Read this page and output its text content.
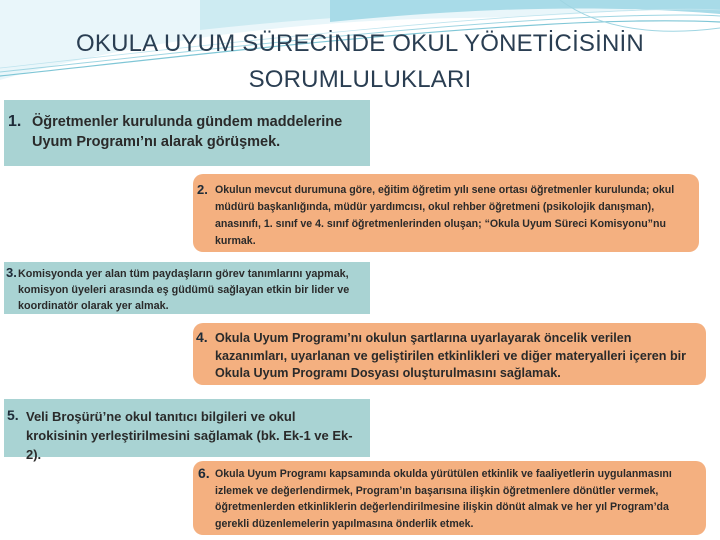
OKULA UYUM SÜRECİNDE OKUL YÖNETİCİSİNİN
SORUMLULUKLARI
1. Öğretmenler kurulunda gündem maddelerine Uyum Programı’nı alarak görüşmek.
2. Okulun mevcut durumuna göre, eğitim öğretim yılı sene ortası öğretmenler kurulunda; okul müdürü başkanlığında, müdür yardımcısı, okul rehber öğretmeni (psikolojik danışman), anasınıfı, 1. sınıf ve 4. sınıf öğretmenlerinden oluşan; “Okula Uyum Süreci Komisyonu”nu kurmak.
3. Komisyonda yer alan tüm paydaşların görev tanımlarını yapmak, komisyon üyeleri arasında eş güdümü sağlayan etkin bir lider ve koordinatör olarak yer almak.
4. Okula Uyum Programı’nı okulun şartlarına uyarlayarak öncelik verilen kazanımları, uyarlanan ve geliştirilen etkinlikleri ve diğer materyalleri içeren bir Okula Uyum Programı Dosyası oluşturulmasını sağlamak.
5. Veli Broşürü’ne okul tanıtıcı bilgileri ve okul krokisinin yerleştirilmesini sağlamak (bk. Ek-1 ve Ek-2).
6. Okula Uyum Programı kapsamında okulda yürütülen etkinlik ve faaliyetlerin uygulanmasını izlemek ve değerlendirmek, Program’ın başarısına ilişkin öğretmenlere dönütler vermek, öğretmenlerden etkinliklerin değerlendirilmesine ilişkin dönüt almak ve her yıl Program’da gerekli düzenlemelerin yapılmasına önderlik etmek.
